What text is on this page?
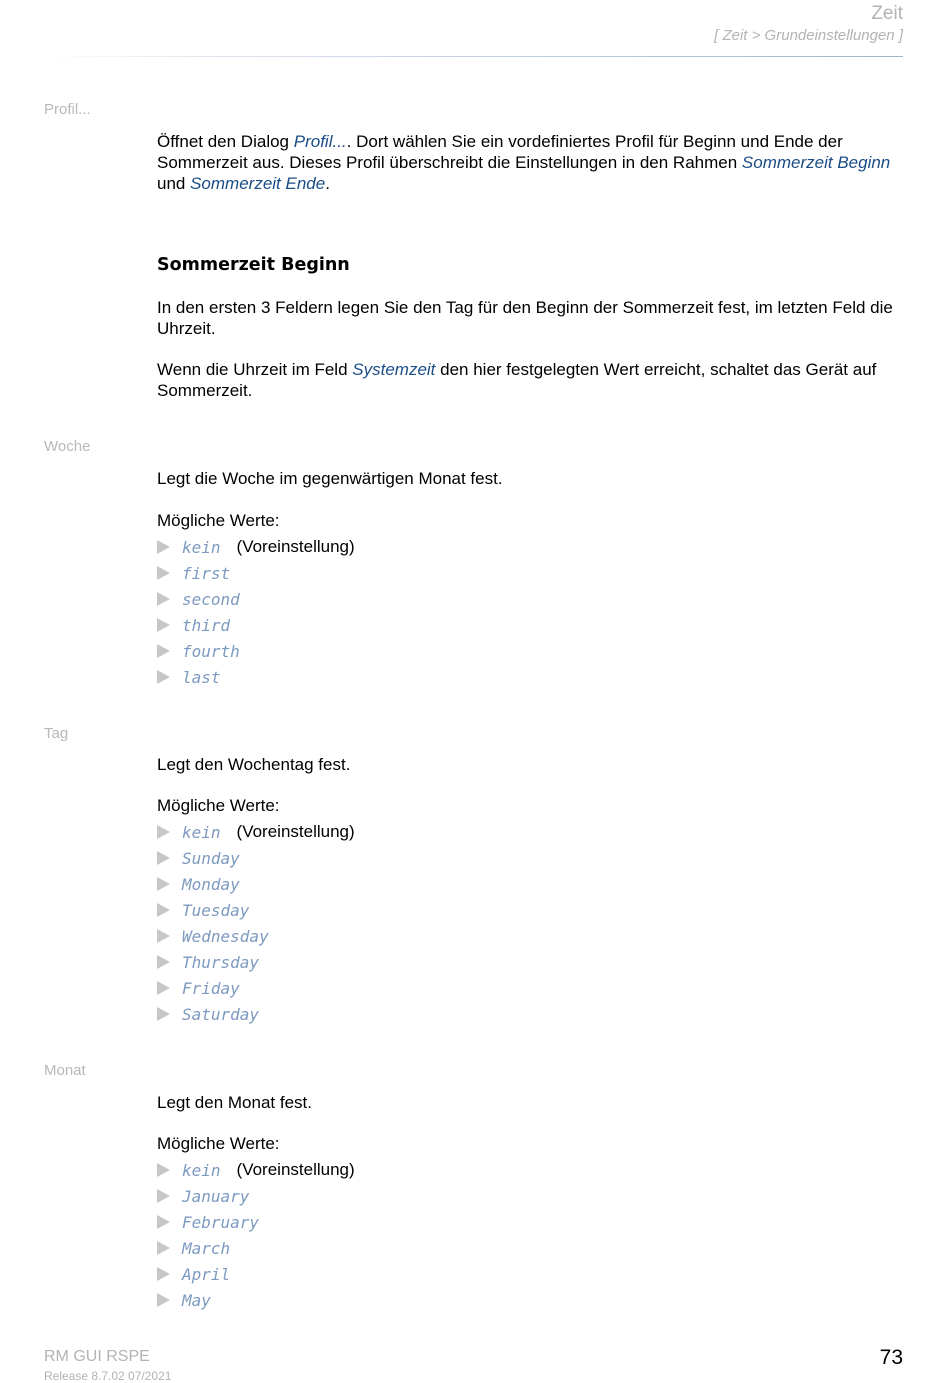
Zeit
[ Zeit > Grundeinstellungen ]
Profil...

Öffnet den Dialog Profil.... Dort wählen Sie ein vordefiniertes Profil für Beginn und Ende der Sommerzeit aus. Dieses Profil überschreibt die Einstellungen in den Rahmen Sommerzeit Beginn und Sommerzeit Ende.

Sommerzeit Beginn

In den ersten 3 Feldern legen Sie den Tag für den Beginn der Sommerzeit fest, im letzten Feld die Uhrzeit.

Wenn die Uhrzeit im Feld Systemzeit den hier festgelegten Wert erreicht, schaltet das Gerät auf Sommerzeit.

Woche

Legt die Woche im gegenwärtigen Monat fest.

Mögliche Werte:

kein (Voreinstellung)
first
second
third
fourth
last
Tag

Legt den Wochentag fest.

Mögliche Werte:

kein (Voreinstellung)
Sunday
Monday
Tuesday
Wednesday
Thursday
Friday
Saturday
Monat

Legt den Monat fest.

Mögliche Werte:

kein (Voreinstellung)
January
February
March
April
May
RM GUI RSPE
Release 8.7.02 07/2021
73
